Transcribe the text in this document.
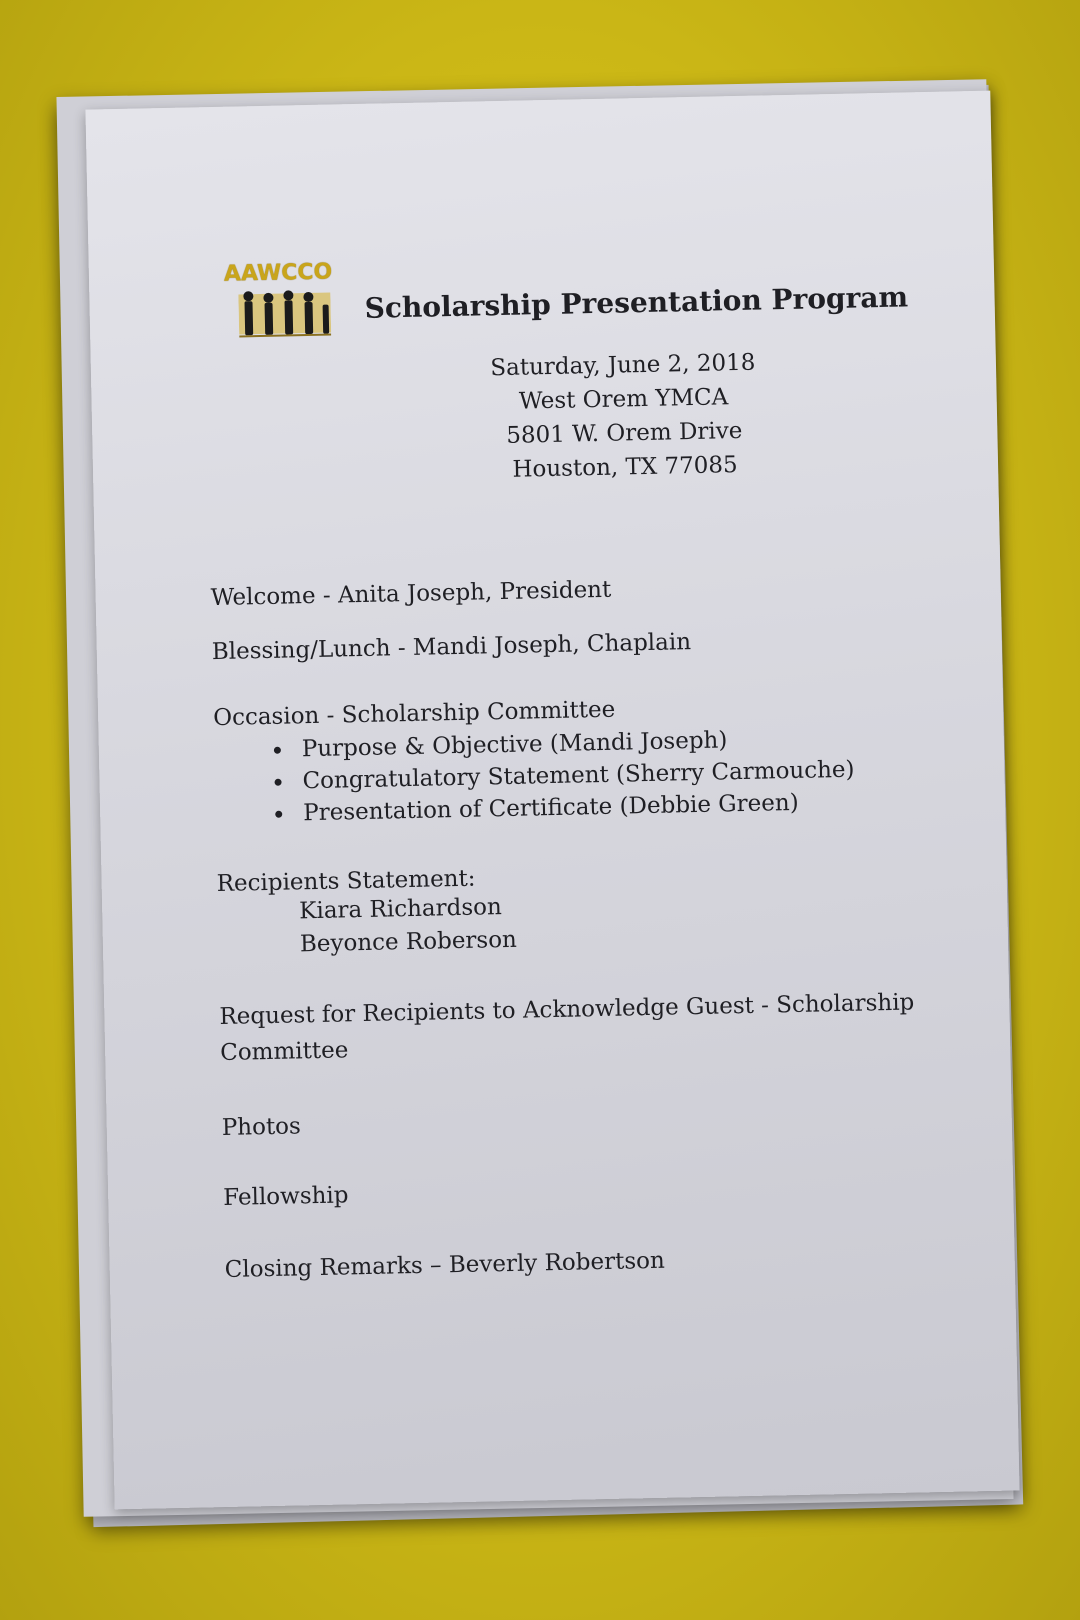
AAWCCO
Scholarship Presentation Program
Saturday, June 2, 2018
West Orem YMCA
5801 W. Orem Drive
Houston, TX 77085
Welcome - Anita Joseph, President
Blessing/Lunch - Mandi Joseph, Chaplain
Occasion - Scholarship Committee
• Purpose & Objective (Mandi Joseph)
• Congratulatory Statement (Sherry Carmouche)
• Presentation of Certificate (Debbie Green)
Recipients Statement:
Kiara Richardson
Beyonce Roberson
Request for Recipients to Acknowledge Guest - Scholarship Committee
Photos
Fellowship
Closing Remarks – Beverly Robertson
